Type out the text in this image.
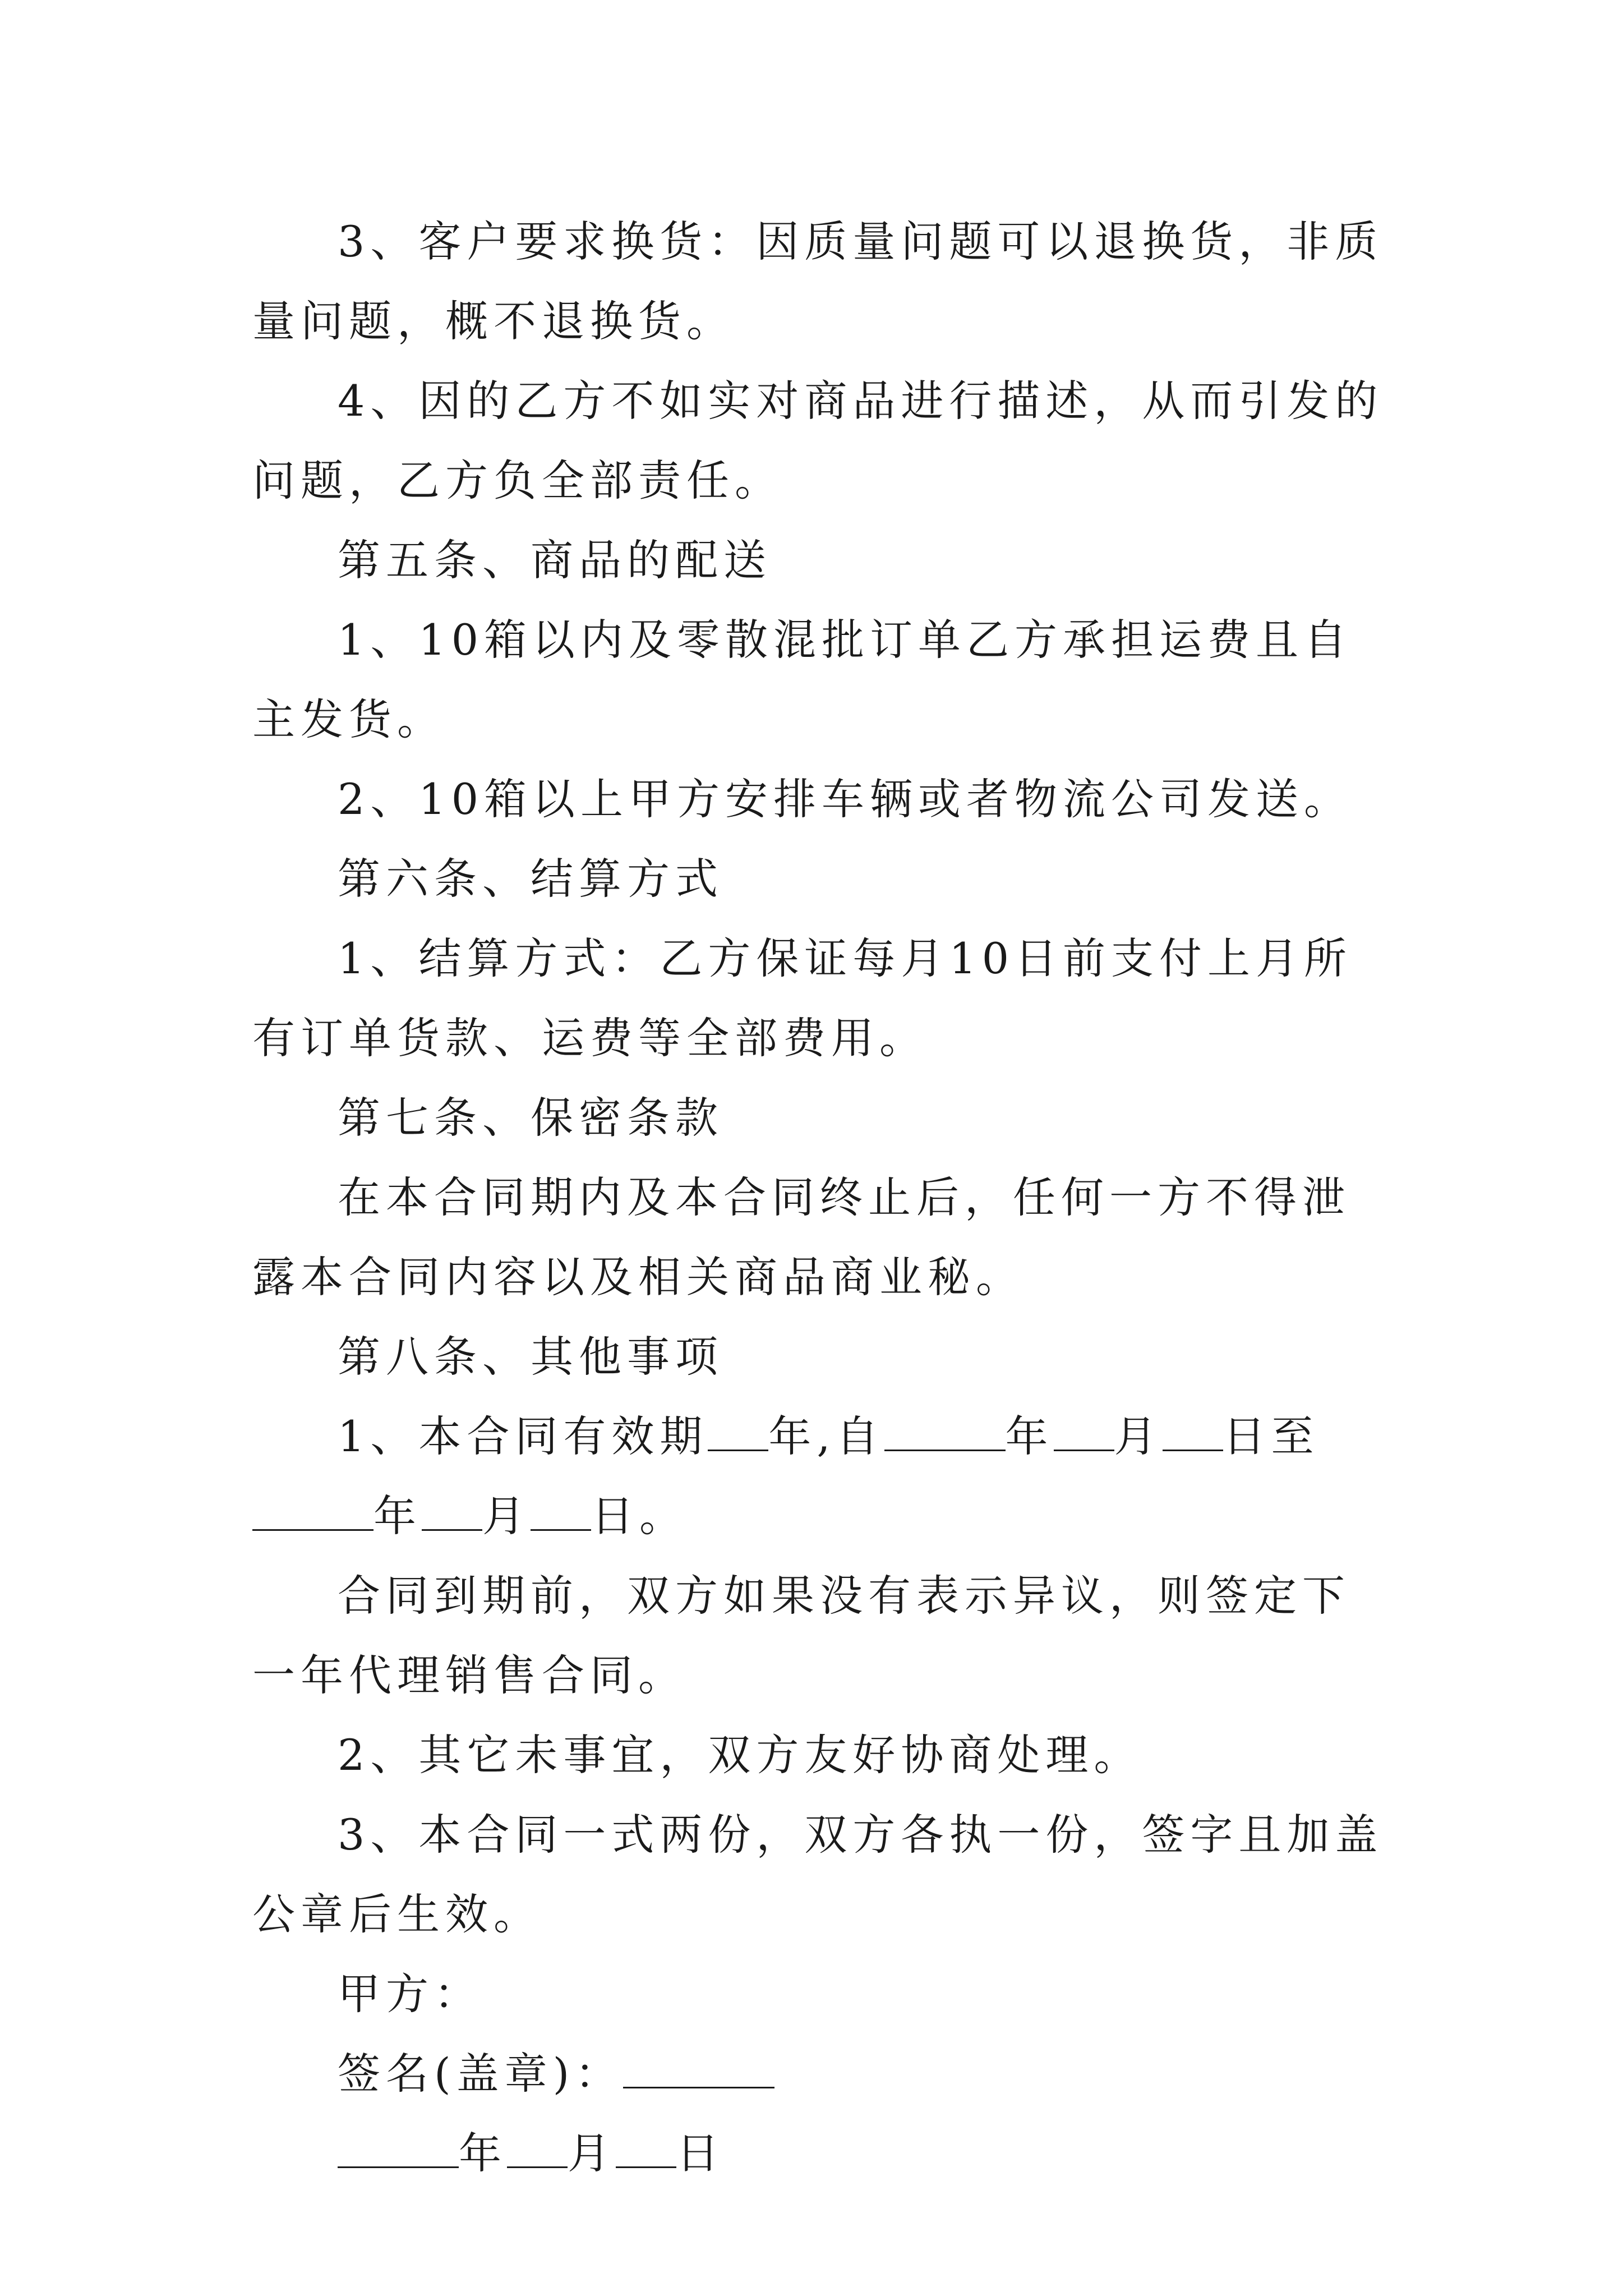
3、客户要求换货：因质量问题可以退换货，非质量问题，概不退换货。

4、因的乙方不如实对商品进行描述，从而引发的问题，乙方负全部责任。

第五条、商品的配送

1、10箱以内及零散混批订单乙方承担运费且自主发货。

2、10箱以上甲方安排车辆或者物流公司发送。

第六条、结算方式

1、结算方式：乙方保证每月10日前支付上月所有订单货款、运费等全部费用。

第七条、保密条款

在本合同期内及本合同终止后，任何一方不得泄露本合同内容以及相关商品商业秘。

第八条、其他事项

1、本合同有效期 年,自	年 月 日至年 月 日。

合同到期前，双方如果没有表示异议，则签定下一年代理销售合同。

2、其它未事宜，双方友好协商处理。

3、本合同一式两份，双方各执一份，签字且加盖公章后生效。

甲方：

签名(盖章)：

年 月 日
